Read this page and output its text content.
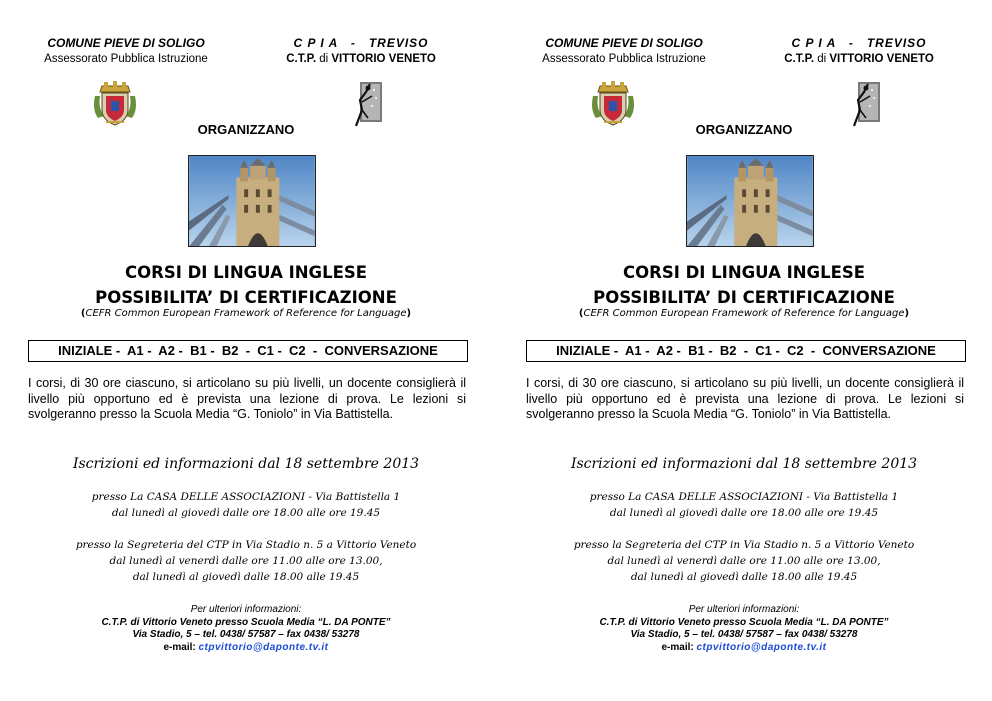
COMUNE PIEVE DI SOLIGO
Assessorato Pubblica Istruzione
C P I A   -   TREVISO
C.T.P. di VITTORIO VENETO
ORGANIZZANO
CORSI DI LINGUA INGLESE
POSSIBILITA’ DI CERTIFICAZIONE
(CEFR Common European Framework of Reference for Language)
INIZIALE -  A1 -  A2 -  B1 -  B2  -  C1 -  C2  -  CONVERSAZIONE
I corsi, di 30 ore ciascuno, si articolano su più livelli, un docente consiglierà il livello più opportuno ed è prevista una lezione di prova. Le lezioni si svolgeranno presso la Scuola Media “G. Toniolo” in Via Battistella.
Iscrizioni ed informazioni dal 18 settembre 2013
presso La CASA DELLE ASSOCIAZIONI - Via Battistella 1
dal lunedì al giovedì dalle ore 18.00 alle ore 19.45
presso la Segreteria del CTP in Via Stadio n. 5 a Vittorio Veneto
dal lunedì al venerdì dalle ore 11.00 alle ore 13.00,
dal lunedì al giovedì dalle 18.00 alle 19.45
Per ulteriori informazioni:
C.T.P. di Vittorio Veneto presso Scuola Media “L. DA PONTE”
Via Stadio, 5 – tel. 0438/ 57587 – fax 0438/ 53278
e-mail: ctpvittorio@daponte.tv.it
COMUNE PIEVE DI SOLIGO
Assessorato Pubblica Istruzione
C P I A   -   TREVISO
C.T.P. di VITTORIO VENETO
ORGANIZZANO
CORSI DI LINGUA INGLESE
POSSIBILITA’ DI CERTIFICAZIONE
(CEFR Common European Framework of Reference for Language)
INIZIALE -  A1 -  A2 -  B1 -  B2  -  C1 -  C2  -  CONVERSAZIONE
I corsi, di 30 ore ciascuno, si articolano su più livelli, un docente consiglierà il livello più opportuno ed è prevista una lezione di prova. Le lezioni si svolgeranno presso la Scuola Media “G. Toniolo” in Via Battistella.
Iscrizioni ed informazioni dal 18 settembre 2013
presso La CASA DELLE ASSOCIAZIONI - Via Battistella 1
dal lunedì al giovedì dalle ore 18.00 alle ore 19.45
presso la Segreteria del CTP in Via Stadio n. 5 a Vittorio Veneto
dal lunedì al venerdì dalle ore 11.00 alle ore 13.00,
dal lunedì al giovedì dalle 18.00 alle 19.45
Per ulteriori informazioni:
C.T.P. di Vittorio Veneto presso Scuola Media “L. DA PONTE”
Via Stadio, 5 – tel. 0438/ 57587 – fax 0438/ 53278
e-mail: ctpvittorio@daponte.tv.it
